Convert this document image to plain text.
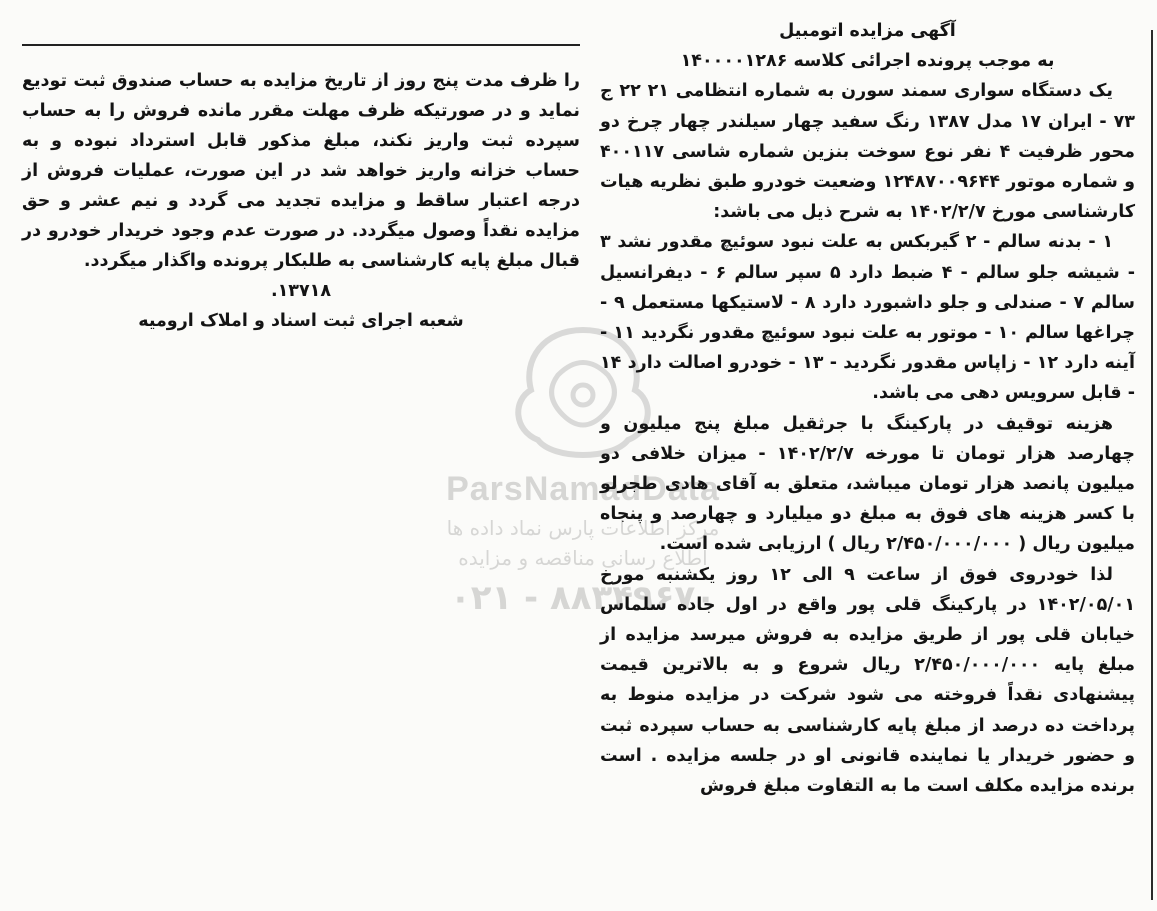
ParsNamadData
مرکز اطلاعات پارس نماد داده ها
اطلاع رسانی مناقصه و مزایده
۰۲۱ - ۸۸۳۴۹۶۷۰

آگهی مزایده اتومبیل

به موجب پرونده اجرائی کلاسه ۱۴۰۰۰۰۱۲۸۶

یک دستگاه سواری سمند سورن به شماره انتظامی ۲۱ ۲۲ ج ۷۳ - ایران ۱۷ مدل ۱۳۸۷ رنگ سفید چهار سیلندر چهار چرخ دو محور ظرفیت ۴ نفر نوع سوخت بنزین شماره شاسی ۴۰۰۱۱۷ و شماره موتور ۱۲۴۸۷۰۰۹۶۴۴ وضعیت خودرو طبق نظریه هیات کارشناسی مورخ ۱۴۰۲/۲/۷ به شرح ذیل می باشد:

۱ - بدنه سالم - ۲ گیربکس به علت نبود سوئیچ مقدور نشد ۳ - شیشه جلو سالم - ۴ ضبط دارد ۵ سپر سالم ۶ - دیفرانسیل سالم ۷ - صندلی و جلو داشبورد دارد ۸ - لاستیکها مستعمل ۹ - چراغها سالم ۱۰ - موتور به علت نبود سوئیچ مقدور نگردید ۱۱ - آینه دارد ۱۲ - زاپاس مقدور نگردید - ۱۳ - خودرو اصالت دارد ۱۴ - قابل سرویس دهی می باشد.

هزینه توقیف در پارکینگ با جرثقیل مبلغ پنج میلیون و چهارصد هزار تومان تا مورخه ۱۴۰۲/۲/۷ - میزان خلافی دو میلیون پانصد هزار تومان میباشد، متعلق به آقای هادی طجرلو با کسر هزینه های فوق به مبلغ دو میلیارد و چهارصد و پنجاه میلیون ریال ( ۲/۴۵۰/۰۰۰/۰۰۰ ریال ) ارزیابی شده است.

لذا خودروی فوق از ساعت ۹ الی ۱۲ روز یکشنبه مورخ ۱۴۰۲/۰۵/۰۱ در پارکینگ قلی پور واقع در اول جاده سلماس خیابان قلی پور از طریق مزایده به فروش میرسد مزایده از مبلغ پایه ۲/۴۵۰/۰۰۰/۰۰۰ ریال شروع و به بالاترین قیمت پیشنهادی نقداً فروخته می شود شرکت در مزایده منوط به پرداخت ده درصد از مبلغ پایه کارشناسی به حساب سپرده ثبت و حضور خریدار یا نماینده قانونی او در جلسه مزایده . است برنده مزایده مکلف است ما به التفاوت مبلغ فروش

را ظرف مدت پنج روز از تاریخ مزایده به حساب صندوق ثبت تودیع نماید و در صورتیکه ظرف مهلت مقرر مانده فروش را به حساب سپرده ثبت واریز نکند، مبلغ مذکور قابل استرداد نبوده و به حساب خزانه واریز خواهد شد در این صورت، عملیات فروش از درجه اعتبار ساقط و مزایده تجدید می گردد و نیم عشر و حق مزایده نقداً وصول میگردد. در صورت عدم وجود خریدار خودرو در قبال مبلغ پایه کارشناسی به طلبکار پرونده واگذار میگردد.

۱۳۷۱۸.

شعبه اجرای ثبت اسناد و املاک ارومیه
